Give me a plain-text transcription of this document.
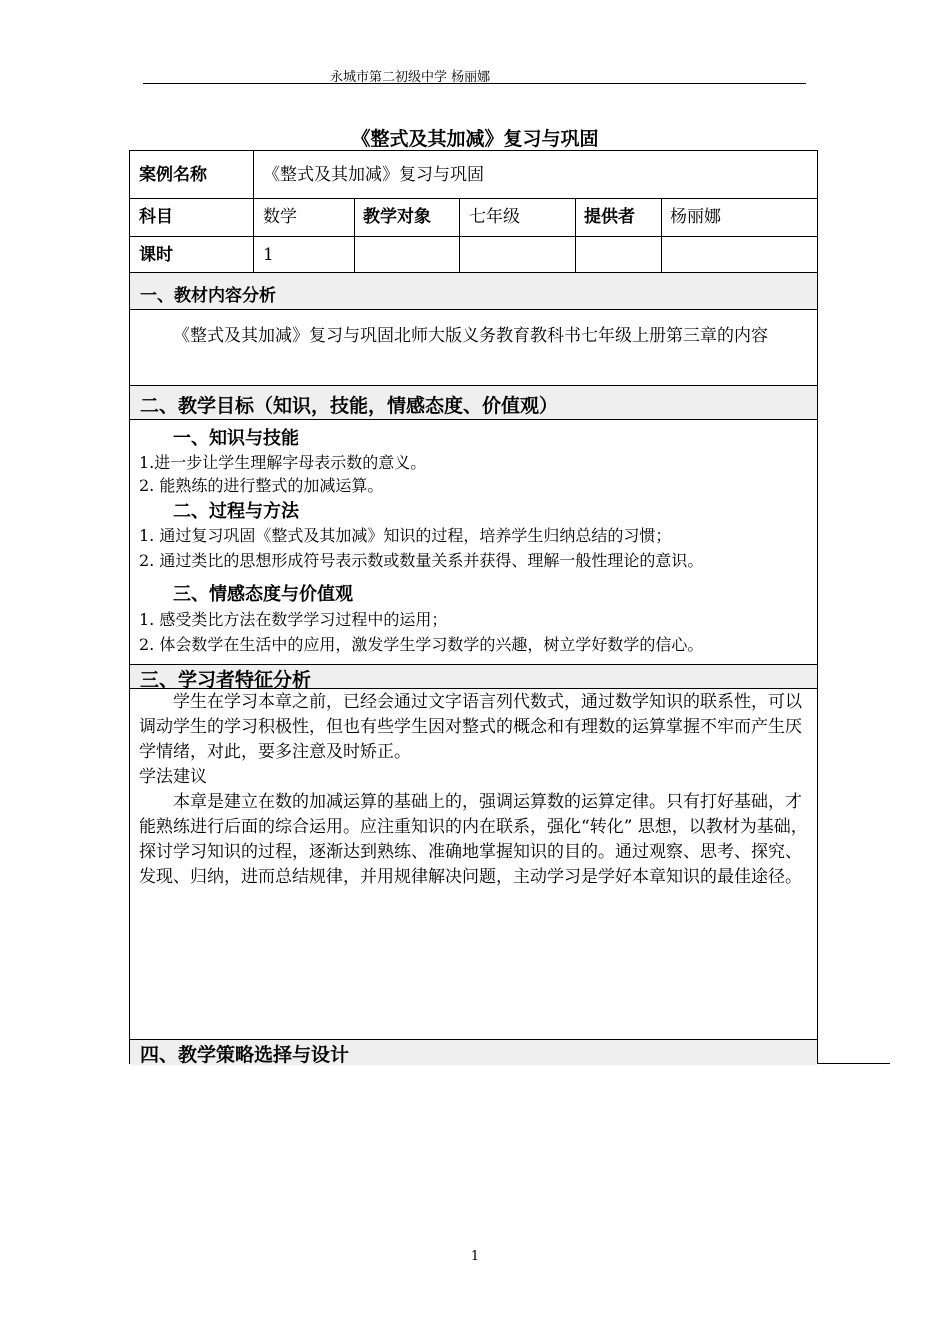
永城市第二初级中学 杨丽娜
《整式及其加减》复习与巩固
案例名称	《整式及其加减》复习与巩固
科目	数学	教学对象 七年级	提供者 杨丽娜
课时	1
一、教材内容分析
《整式及其加减》复习与巩固北师大版义务教育教科书七年级上册第三章的内容
二、教学目标（知识，技能，情感态度、价值观）
一、知识与技能
1.进一步让学生理解字母表示数的意义。
2. 能熟练的进行整式的加减运算。
二、过程与方法
1. 通过复习巩固《整式及其加减》知识的过程，培养学生归纳总结的习惯；
2. 通过类比的思想形成符号表示数或数量关系并获得、理解一般性理论的意识。
三、情感态度与价值观
1. 感受类比方法在数学学习过程中的运用；
2. 体会数学在生活中的应用，激发学生学习数学的兴趣，树立学好数学的信心。
三、学习者特征分析
学生在学习本章之前，已经会通过文字语言列代数式，通过数学知识的联系性，可以调动学生的学习积极性，但也有些学生因对整式的概念和有理数的运算掌握不牢而产生厌学情绪，对此，要多注意及时矫正。
学法建议
本章是建立在数的加减运算的基础上的，强调运算数的运算定律。只有打好基础，才能熟练进行后面的综合运用。应注重知识的内在联系，强化“转化” 思想，以教材为基础，探讨学习知识的过程，逐渐达到熟练、准确地掌握知识的目的。通过观察、思考、探究、发现、归纳，进而总结规律，并用规律解决问题，主动学习是学好本章知识的最佳途径。
四、教学策略选择与设计
1
